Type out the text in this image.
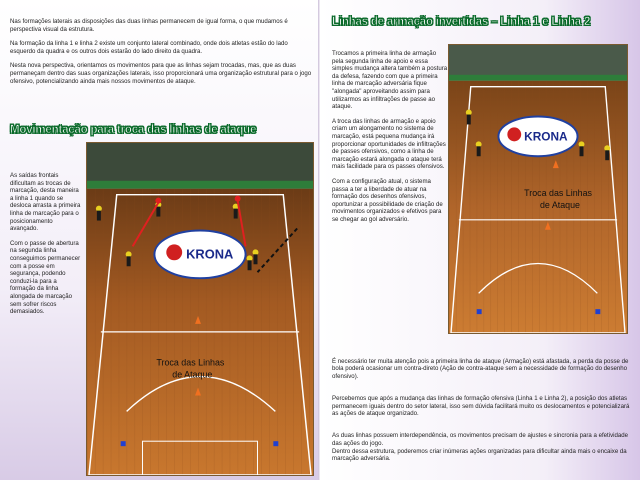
Nas formações laterais as disposições das duas linhas permanecem de igual forma, o que mudamos é perspectiva visual da estrutura.

Na formação da linha 1 e linha 2 existe um conjunto lateral combinado, onde dois atletas estão do lado esquerdo da quadra e os outros dois estarão do lado direito da quadra.

Nesta nova perspectiva, orientamos os movimentos para que as linhas sejam trocadas, mas, que as duas permaneçam dentro das suas organizações laterais, isso proporcionará uma organização estrutural para o jogo ofensivo, potencializando ainda mais nossos movimentos de ataque.

Movimentação para troca das linhas de ataque

As saídas frontais dificultam as trocas de marcação, desta maneira a linha 1 quando se desloca arrasta a primeira linha de marcação para o posicionamento avançado.

Com o passe de abertura na segunda linha conseguimos permanecer com a posse em segurança, podendo conduzi-la para a formação da linha alongada de marcação sem sofrer riscos demasiados.

KRONA
Troca das Linhas
de Ataque
Linhas de armação invertidas – Linha 1 e Linha 2

Trocamos a primeira linha de armação pela segunda linha de apoio e essa simples mudança altera também a postura da defesa, fazendo com que a primeira linha de marcação adversária fique "alongada" aproveitando assim para utilizarmos as infiltrações de passe ao ataque.

A troca das linhas de armação e apoio criam um alongamento no sistema de marcação, está pequena mudança irá proporcionar oportunidades de infiltrações de passes ofensivos, como a linha de marcação estará alongada o ataque terá mais facilidade para os passes ofensivos.

Com a configuração atual, o sistema passa a ter a liberdade de atuar na formação dos desenhos ofensivos, oportunizar a possibilidade de criação de movimentos organizados e efetivos para se chegar ao gol adversário.

KRONA
Troca das Linhas
de Ataque

É necessário ter muita atenção pois a primeira linha de ataque (Armação) está afastada, a perda da posse de bola poderá ocasionar um contra-direto (Ação de contra-ataque sem a necessidade de formação do desenho ofensivo).

Percebemos que após a mudança das linhas de formação ofensiva (Linha 1 e Linha 2), a posição dos atletas permanecem iguais dentro do setor lateral, isso sem dúvida facilitará muito os deslocamentos e potencializará as ações de ataque organizado.

As duas linhas possuem interdependência, os movimentos precisam de ajustes e sincronia para a efetividade das ações do jogo.
Dentro dessa estrutura, poderemos criar inúmeras ações organizadas para dificultar ainda mais o encaixe da marcação adversária.
